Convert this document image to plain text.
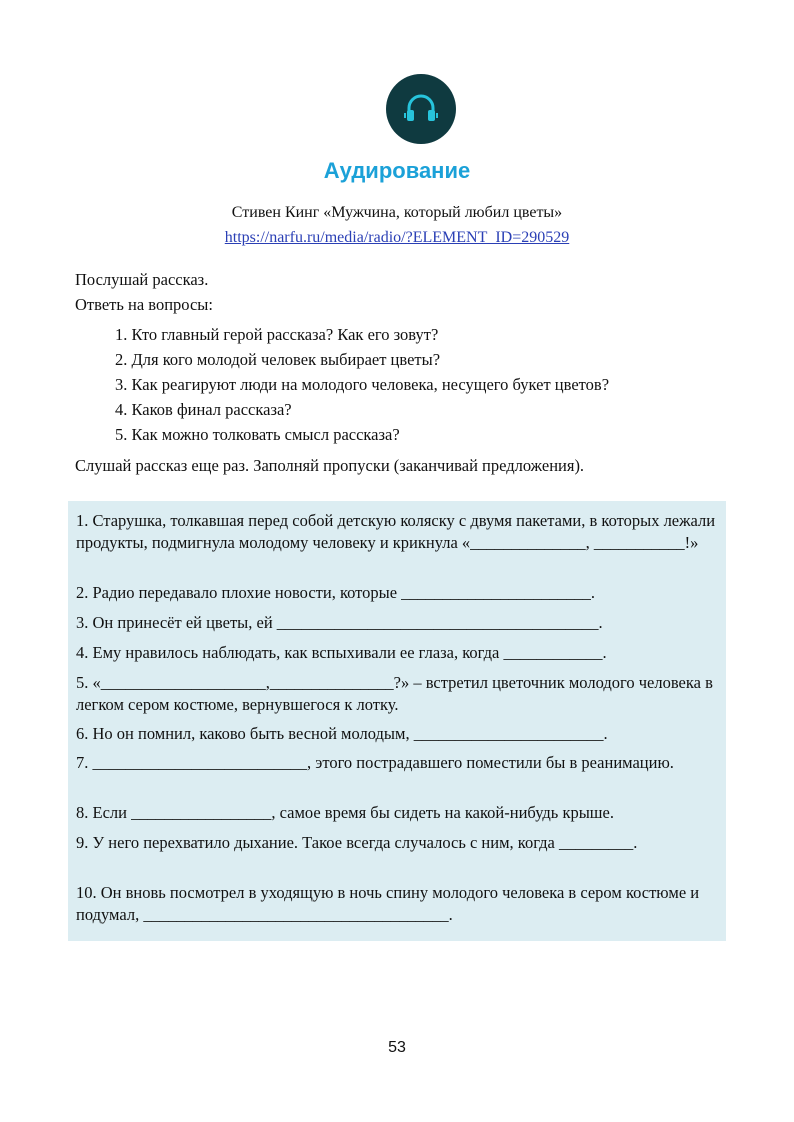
Аудирование
Стивен Кинг «Мужчина, который любил цветы»
https://narfu.ru/media/radio/?ELEMENT_ID=290529
Послушай рассказ.
Ответь на вопросы:
1. Кто главный герой рассказа? Как его зовут?
2. Для кого молодой человек выбирает цветы?
3. Как реагируют люди на молодого человека, несущего букет цветов?
4. Каков финал рассказа?
5. Как можно толковать смысл рассказа?
Слушай рассказ еще раз. Заполняй пропуски (заканчивай предложения).
1. Старушка, толкавшая перед собой детскую коляску с двумя пакетами, в которых лежали продукты, подмигнула молодому человеку и крикнула «______________, ___________!»
2. Радио передавало плохие новости, которые _______________________.
3. Он принесёт ей цветы, ей _______________________________________.
4. Ему нравилось наблюдать, как вспыхивали ее глаза, когда ____________.
5. «____________________,_______________?» – встретил цветочник молодого человека в легком сером костюме, вернувшегося к лотку.
6. Но он помнил, каково быть весной молодым, _______________________.
7. __________________________, этого пострадавшего поместили бы в реанимацию.
8. Если _________________, самое время бы сидеть на какой-нибудь крыше.
9. У него перехватило дыхание. Такое всегда случалось с ним, когда _________.
10. Он вновь посмотрел в уходящую в ночь спину молодого человека в сером костюме и подумал, _____________________________________.
53
